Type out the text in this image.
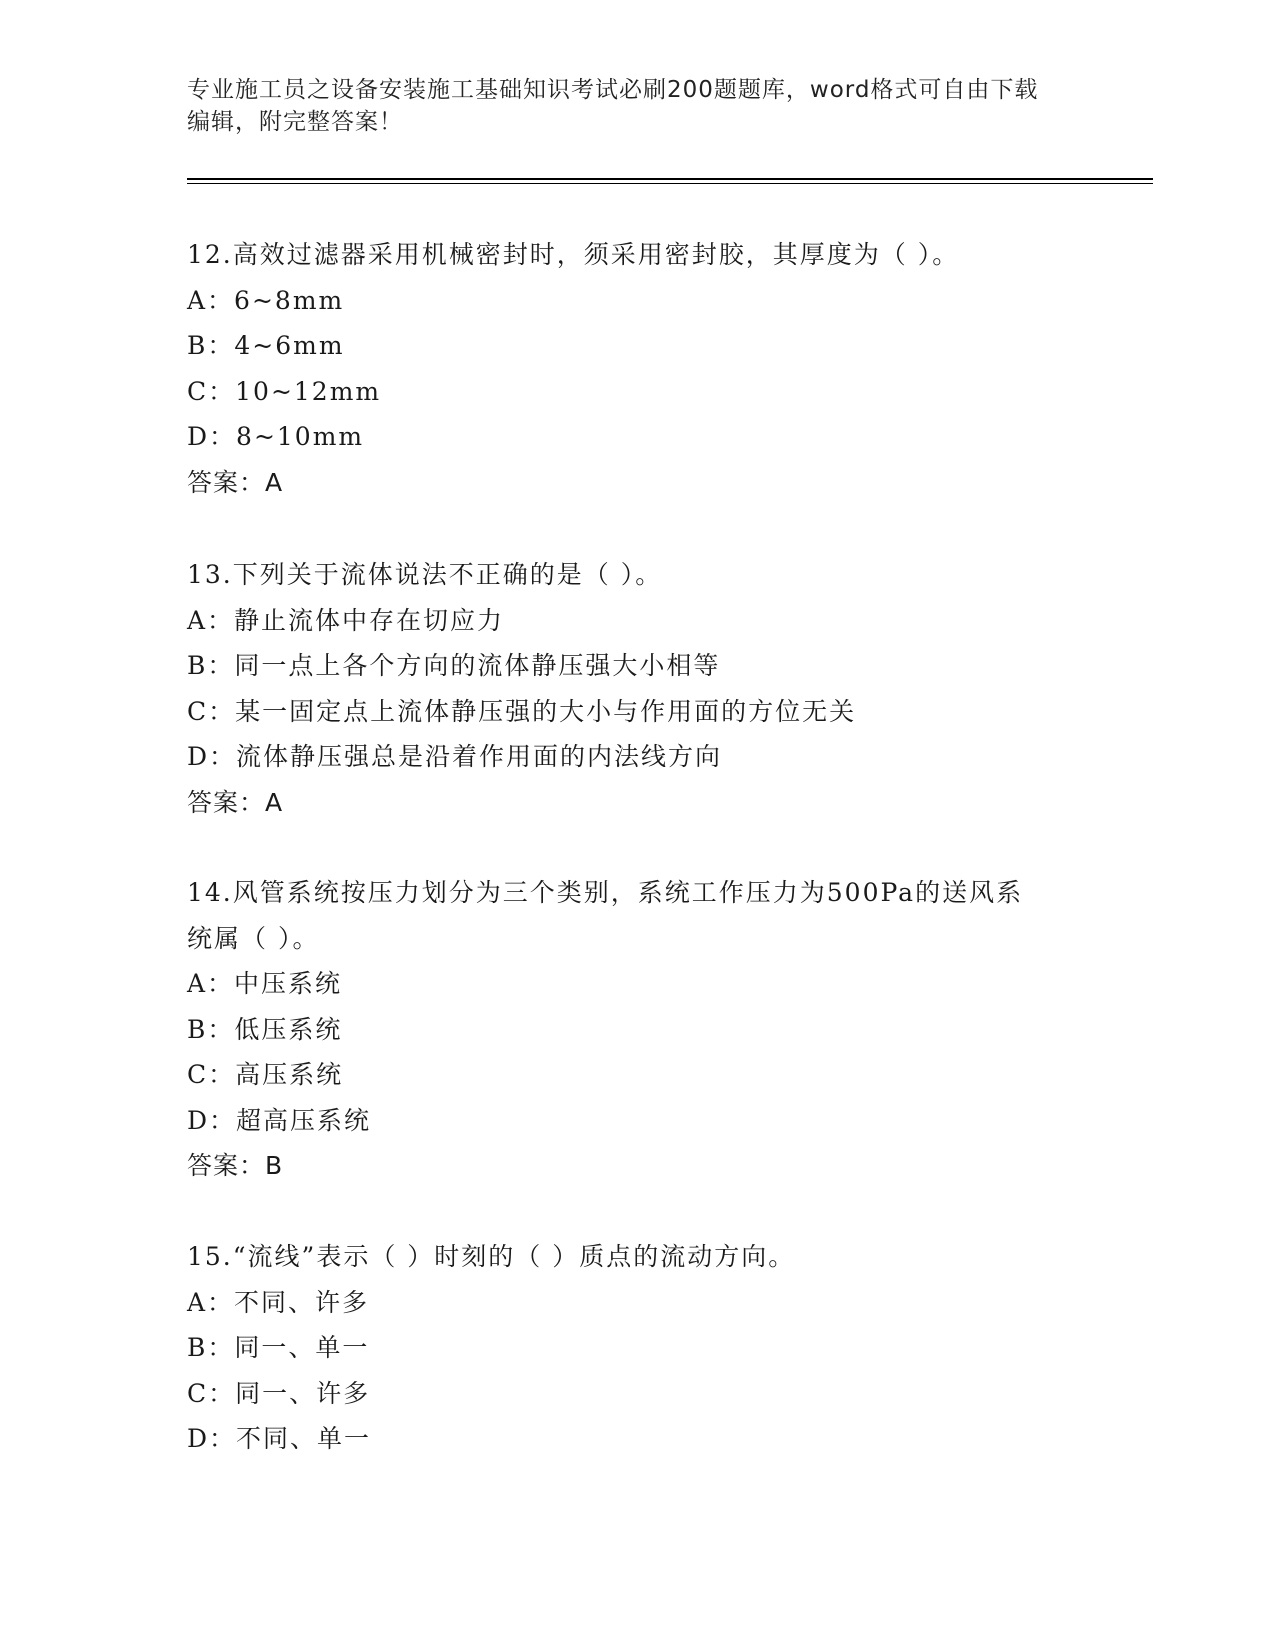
专业施工员之设备安装施工基础知识考试必刷200题题库，word格式可自由下载
编辑，附完整答案！
12.高效过滤器采用机械密封时，须采用密封胶，其厚度为（ ）。
A：6~8mm
B：4~6mm
C：10~12mm
D：8~10mm
答案：A
13.下列关于流体说法不正确的是（ ）。
A：静止流体中存在切应力
B：同一点上各个方向的流体静压强大小相等
C：某一固定点上流体静压强的大小与作用面的方位无关
D：流体静压强总是沿着作用面的内法线方向
答案：A
14.风管系统按压力划分为三个类别，系统工作压力为500Pa的送风系
统属（ ）。
A：中压系统
B：低压系统
C：高压系统
D：超高压系统
答案：B
15.“流线”表示（ ）时刻的（ ）质点的流动方向。
A：不同、许多
B：同一、单一
C：同一、许多
D：不同、单一
